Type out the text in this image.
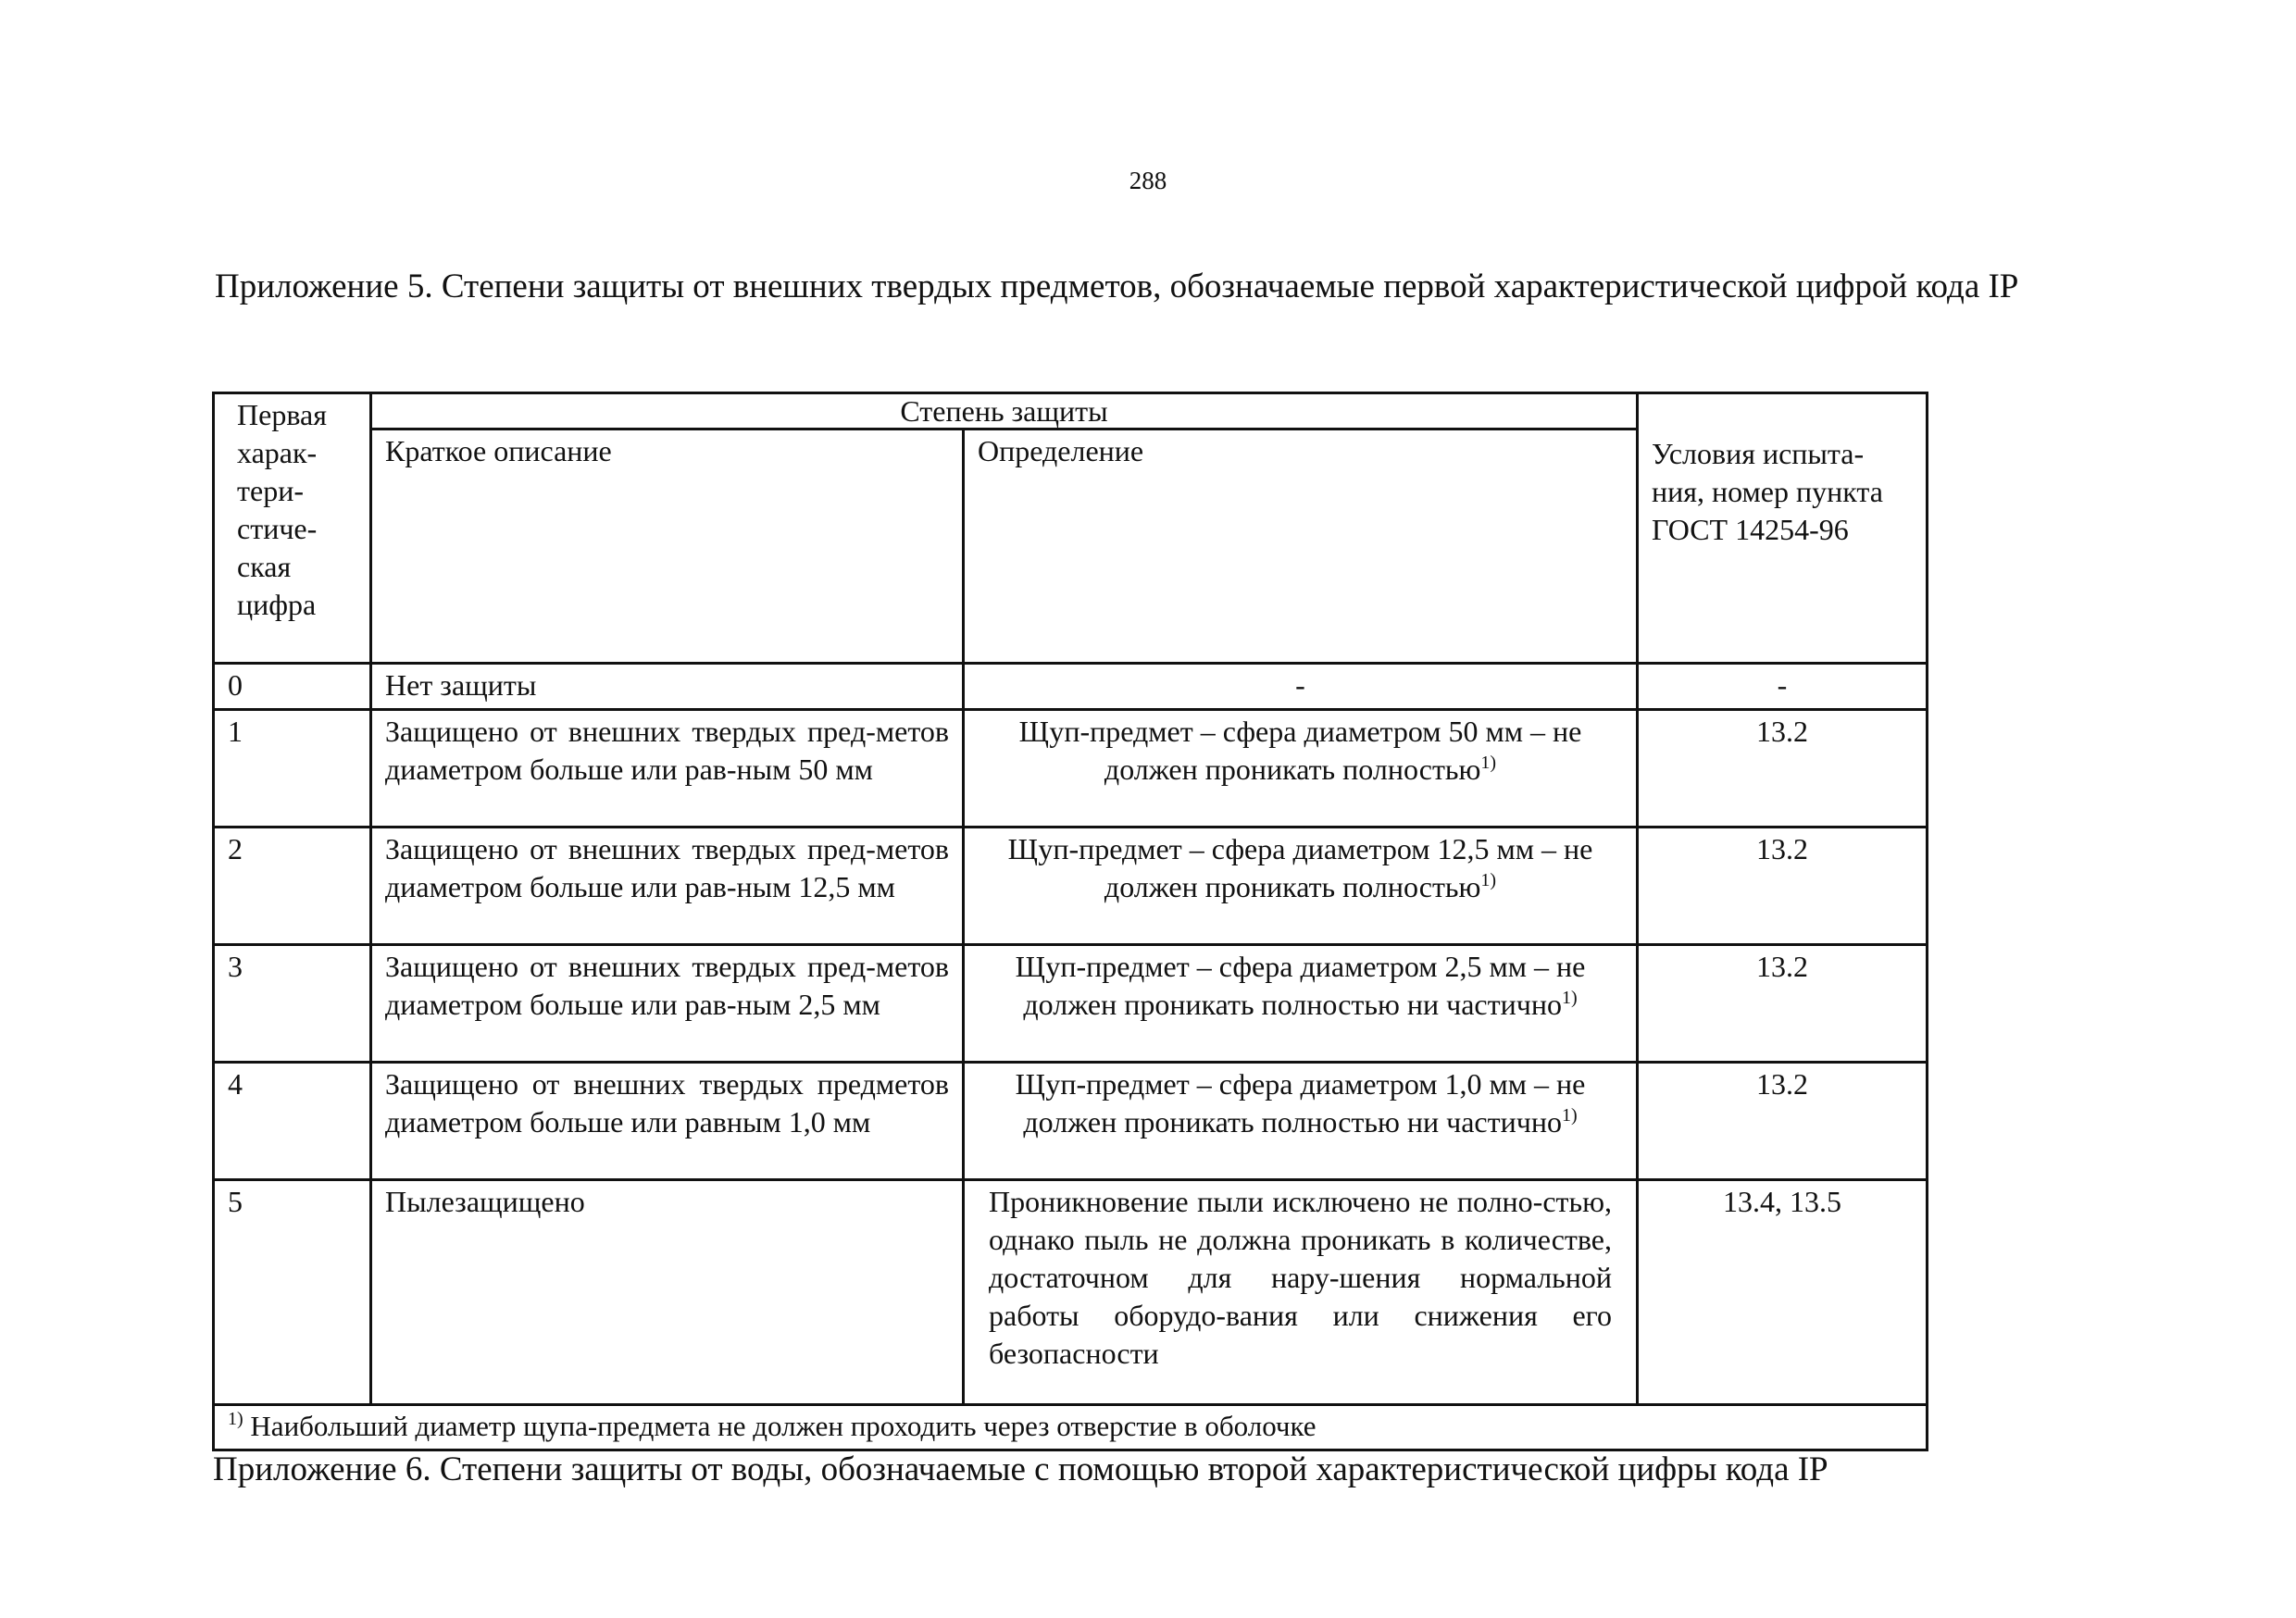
288
Приложение 5. Степени защиты от внешних твердых предметов, обозначаемые первой характеристической цифрой кода IP
Первая харак-тери-стиче-ская цифра	Степень защиты		Условия испыта-ния, номер пункта ГОСТ 14254-96
	Краткое описание	Определение	
0	Нет защиты	-	-
1	Защищено от внешних твердых пред-метов диаметром больше или рав-ным 50 мм	Щуп-предмет – сфера диаметром 50 мм – не должен проникать полностью$^{1)}$	13.2
2	Защищено от внешних твердых пред-метов диаметром больше или рав-ным 12,5 мм	Щуп-предмет – сфера диаметром 12,5 мм – не должен проникать полностью$^{1)}$	13.2
3	Защищено от внешних твердых пред-метов диаметром больше или рав-ным 2,5 мм	Щуп-предмет – сфера диаметром 2,5 мм – не должен проникать полностью ни частично$^{1)}$	13.2
4	Защищено от внешних твердых предметов диаметром больше или равным 1,0 мм	Щуп-предмет – сфера диаметром 1,0 мм – не должен проникать полностью ни частично$^{1)}$	13.2
5	Пылезащищено	Проникновение пыли исключено не полно-стью, однако пыль не должна проникать в количестве, достаточном для нару-шения нормальной работы оборудо-вания или снижения его безопасности	13.4, 13.5
$^{1)}$ Наибольший диаметр щупа-предмета не должен проходить через отверстие в оболочке			
Приложение 6. Степени защиты от воды, обозначаемые с помощью второй характеристической цифры кода IP
